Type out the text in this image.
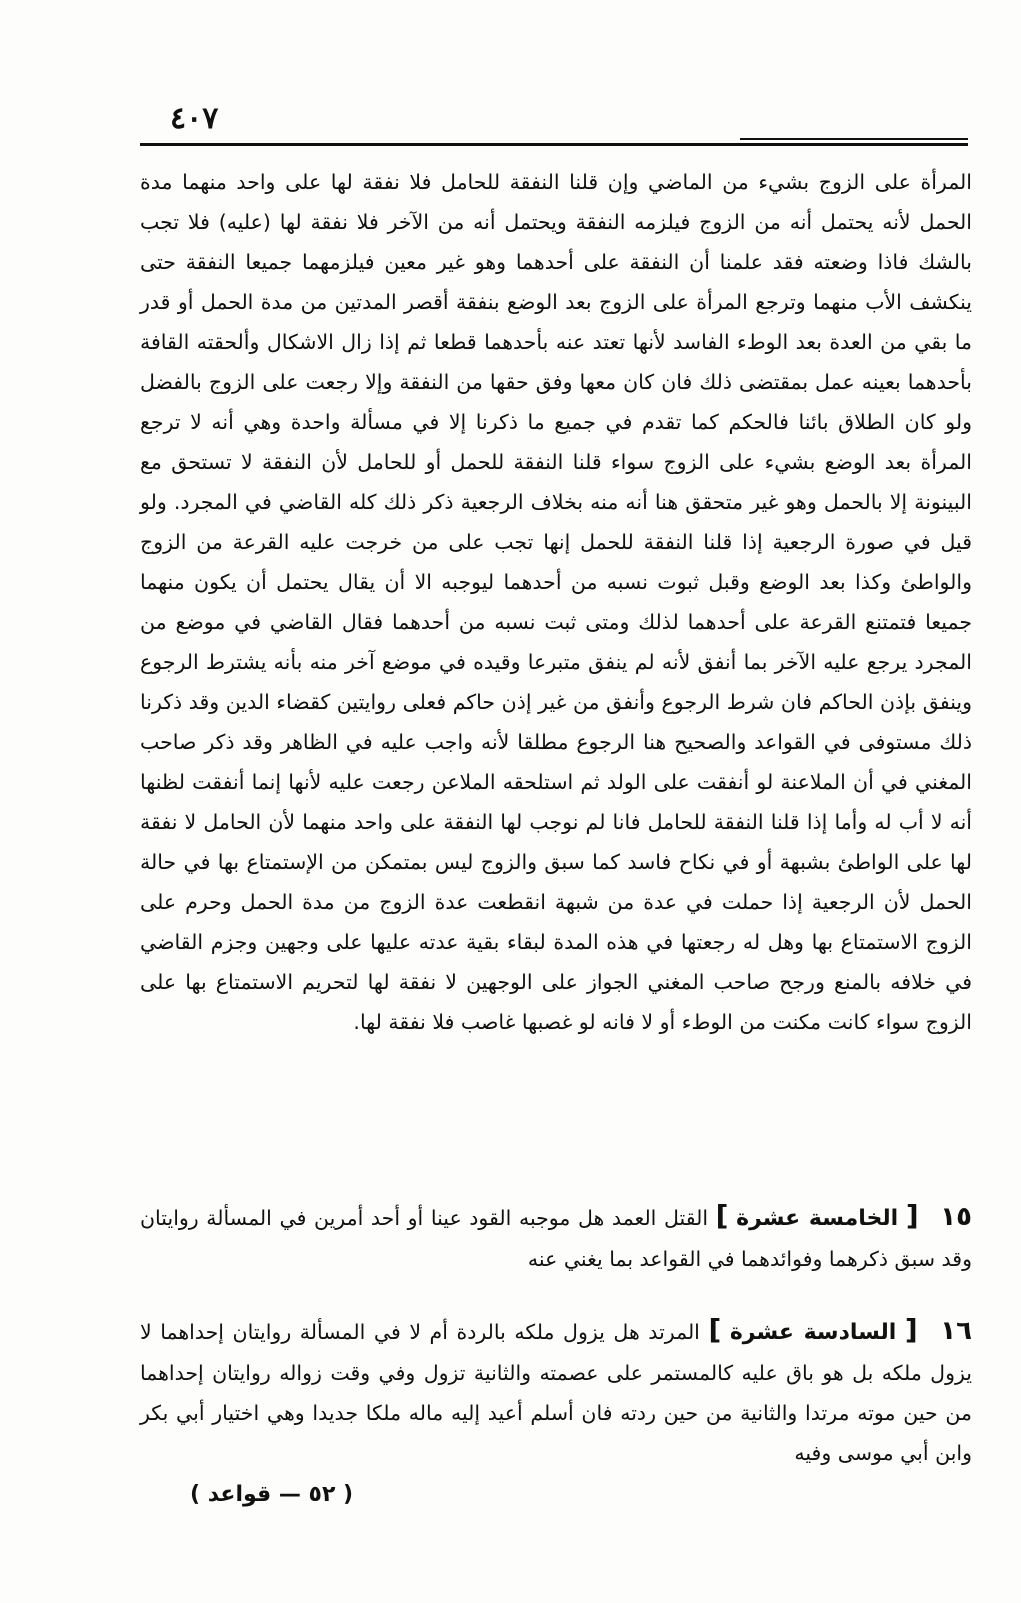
٤٠٧

المرأة على الزوج بشيء من الماضي وإن قلنا النفقة للحامل فلا نفقة لها على واحد منهما مدة الحمل لأنه يحتمل أنه من الزوج فيلزمه النفقة ويحتمل أنه من الآخر فلا نفقة لها (عليه) فلا تجب بالشك فاذا وضعته فقد علمنا أن النفقة على أحدهما وهو غير معين فيلزمهما جميعا النفقة حتى ينكشف الأب منهما وترجع المرأة على الزوج بعد الوضع بنفقة أقصر المدتين من مدة الحمل أو قدر ما بقي من العدة بعد الوطء الفاسد لأنها تعتد عنه بأحدهما قطعا ثم إذا زال الاشكال وألحقته القافة بأحدهما بعينه عمل بمقتضى ذلك فان كان معها وفق حقها من النفقة وإلا رجعت على الزوج بالفضل ولو كان الطلاق بائنا فالحكم كما تقدم في جميع ما ذكرنا إلا في مسألة واحدة وهي أنه لا ترجع المرأة بعد الوضع بشيء على الزوج سواء قلنا النفقة للحمل أو للحامل لأن النفقة لا تستحق مع البينونة إلا بالحمل وهو غير متحقق هنا أنه منه بخلاف الرجعية ذكر ذلك كله القاضي في المجرد. ولو قيل في صورة الرجعية إذا قلنا النفقة للحمل إنها تجب على من خرجت عليه القرعة من الزوج والواطئ وكذا بعد الوضع وقبل ثبوت نسبه من أحدهما ليوجبه الا أن يقال يحتمل أن يكون منهما جميعا فتمتنع القرعة على أحدهما لذلك ومتى ثبت نسبه من أحدهما فقال القاضي في موضع من المجرد يرجع عليه الآخر بما أنفق لأنه لم ينفق متبرعا وقيده في موضع آخر منه بأنه يشترط الرجوع وينفق بإذن الحاكم فان شرط الرجوع وأنفق من غير إذن حاكم فعلى روايتين كقضاء الدين وقد ذكرنا ذلك مستوفى في القواعد والصحيح هنا الرجوع مطلقا لأنه واجب عليه في الظاهر وقد ذكر صاحب المغني في أن الملاعنة لو أنفقت على الولد ثم استلحقه الملاعن رجعت عليه لأنها إنما أنفقت لظنها أنه لا أب له وأما إذا قلنا النفقة للحامل فانا لم نوجب لها النفقة على واحد منهما لأن الحامل لا نفقة لها على الواطئ بشبهة أو في نكاح فاسد كما سبق والزوج ليس بمتمكن من الإستمتاع بها في حالة الحمل لأن الرجعية إذا حملت في عدة من شبهة انقطعت عدة الزوج من مدة الحمل وحرم على الزوج الاستمتاع بها وهل له رجعتها في هذه المدة لبقاء بقية عدته عليها على وجهين وجزم القاضي في خلافه بالمنع ورجح صاحب المغني الجواز على الوجهين لا نفقة لها لتحريم الاستمتاع بها على الزوج سواء كانت مكنت من الوطء أو لا فانه لو غصبها غاصب فلا نفقة لها.

١٥ [ الخامسة عشرة ] القتل العمد هل موجبه القود عينا أو أحد أمرين في المسألة روايتان وقد سبق ذكرهما وفوائدهما في القواعد بما يغني عنه
١٦ [ السادسة عشرة ] المرتد هل يزول ملكه بالردة أم لا في المسألة روايتان إحداهما لا يزول ملكه بل هو باق عليه كالمستمر على عصمته والثانية تزول وفي وقت زواله روايتان إحداهما من حين موته مرتدا والثانية من حين ردته فان أسلم أعيد إليه ماله ملكا جديدا وهي اختيار أبي بكر وابن أبي موسى وفيه
( ٥٢ — قواعد )
